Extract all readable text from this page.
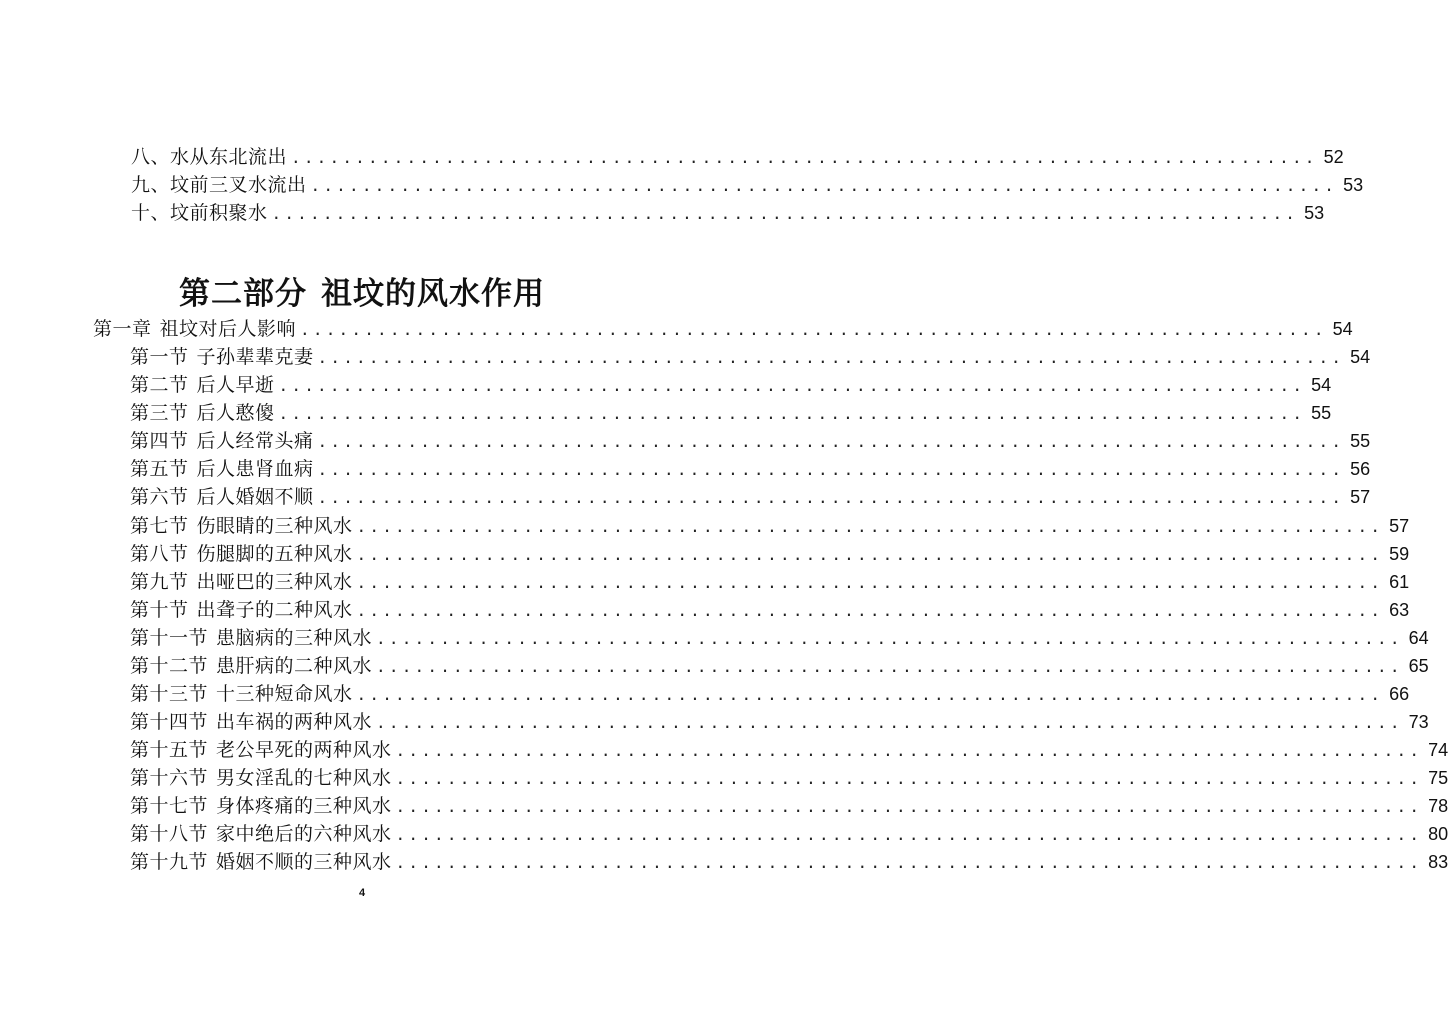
八、水从东北流出 ................................................................................ 52
九、坟前三叉水流出 ................................................................................ 53
十、坟前积聚水 ................................................................................ 53
第二部分 祖坟的风水作用
第一章 祖坟对后人影响 ................................................................................ 54
第一节 子孙辈辈克妻 ................................................................................ 54
第二节 后人早逝 ................................................................................ 54
第三节 后人憨傻 ................................................................................ 55
第四节 后人经常头痛 ................................................................................ 55
第五节 后人患肾血病 ................................................................................ 56
第六节 后人婚姻不顺 ................................................................................ 57
第七节 伤眼睛的三种风水 ................................................................................ 57
第八节 伤腿脚的五种风水 ................................................................................ 59
第九节 出哑巴的三种风水 ................................................................................ 61
第十节 出聋子的二种风水 ................................................................................ 63
第十一节 患脑病的三种风水 ................................................................................ 64
第十二节 患肝病的二种风水 ................................................................................ 65
第十三节 十三种短命风水 ................................................................................ 66
第十四节 出车祸的两种风水 ................................................................................ 73
第十五节 老公早死的两种风水 ................................................................................ 74
第十六节 男女淫乱的七种风水 ................................................................................ 75
第十七节 身体疼痛的三种风水 ................................................................................ 78
第十八节 家中绝后的六种风水 ................................................................................ 80
第十九节 婚姻不顺的三种风水 ................................................................................ 83
4
